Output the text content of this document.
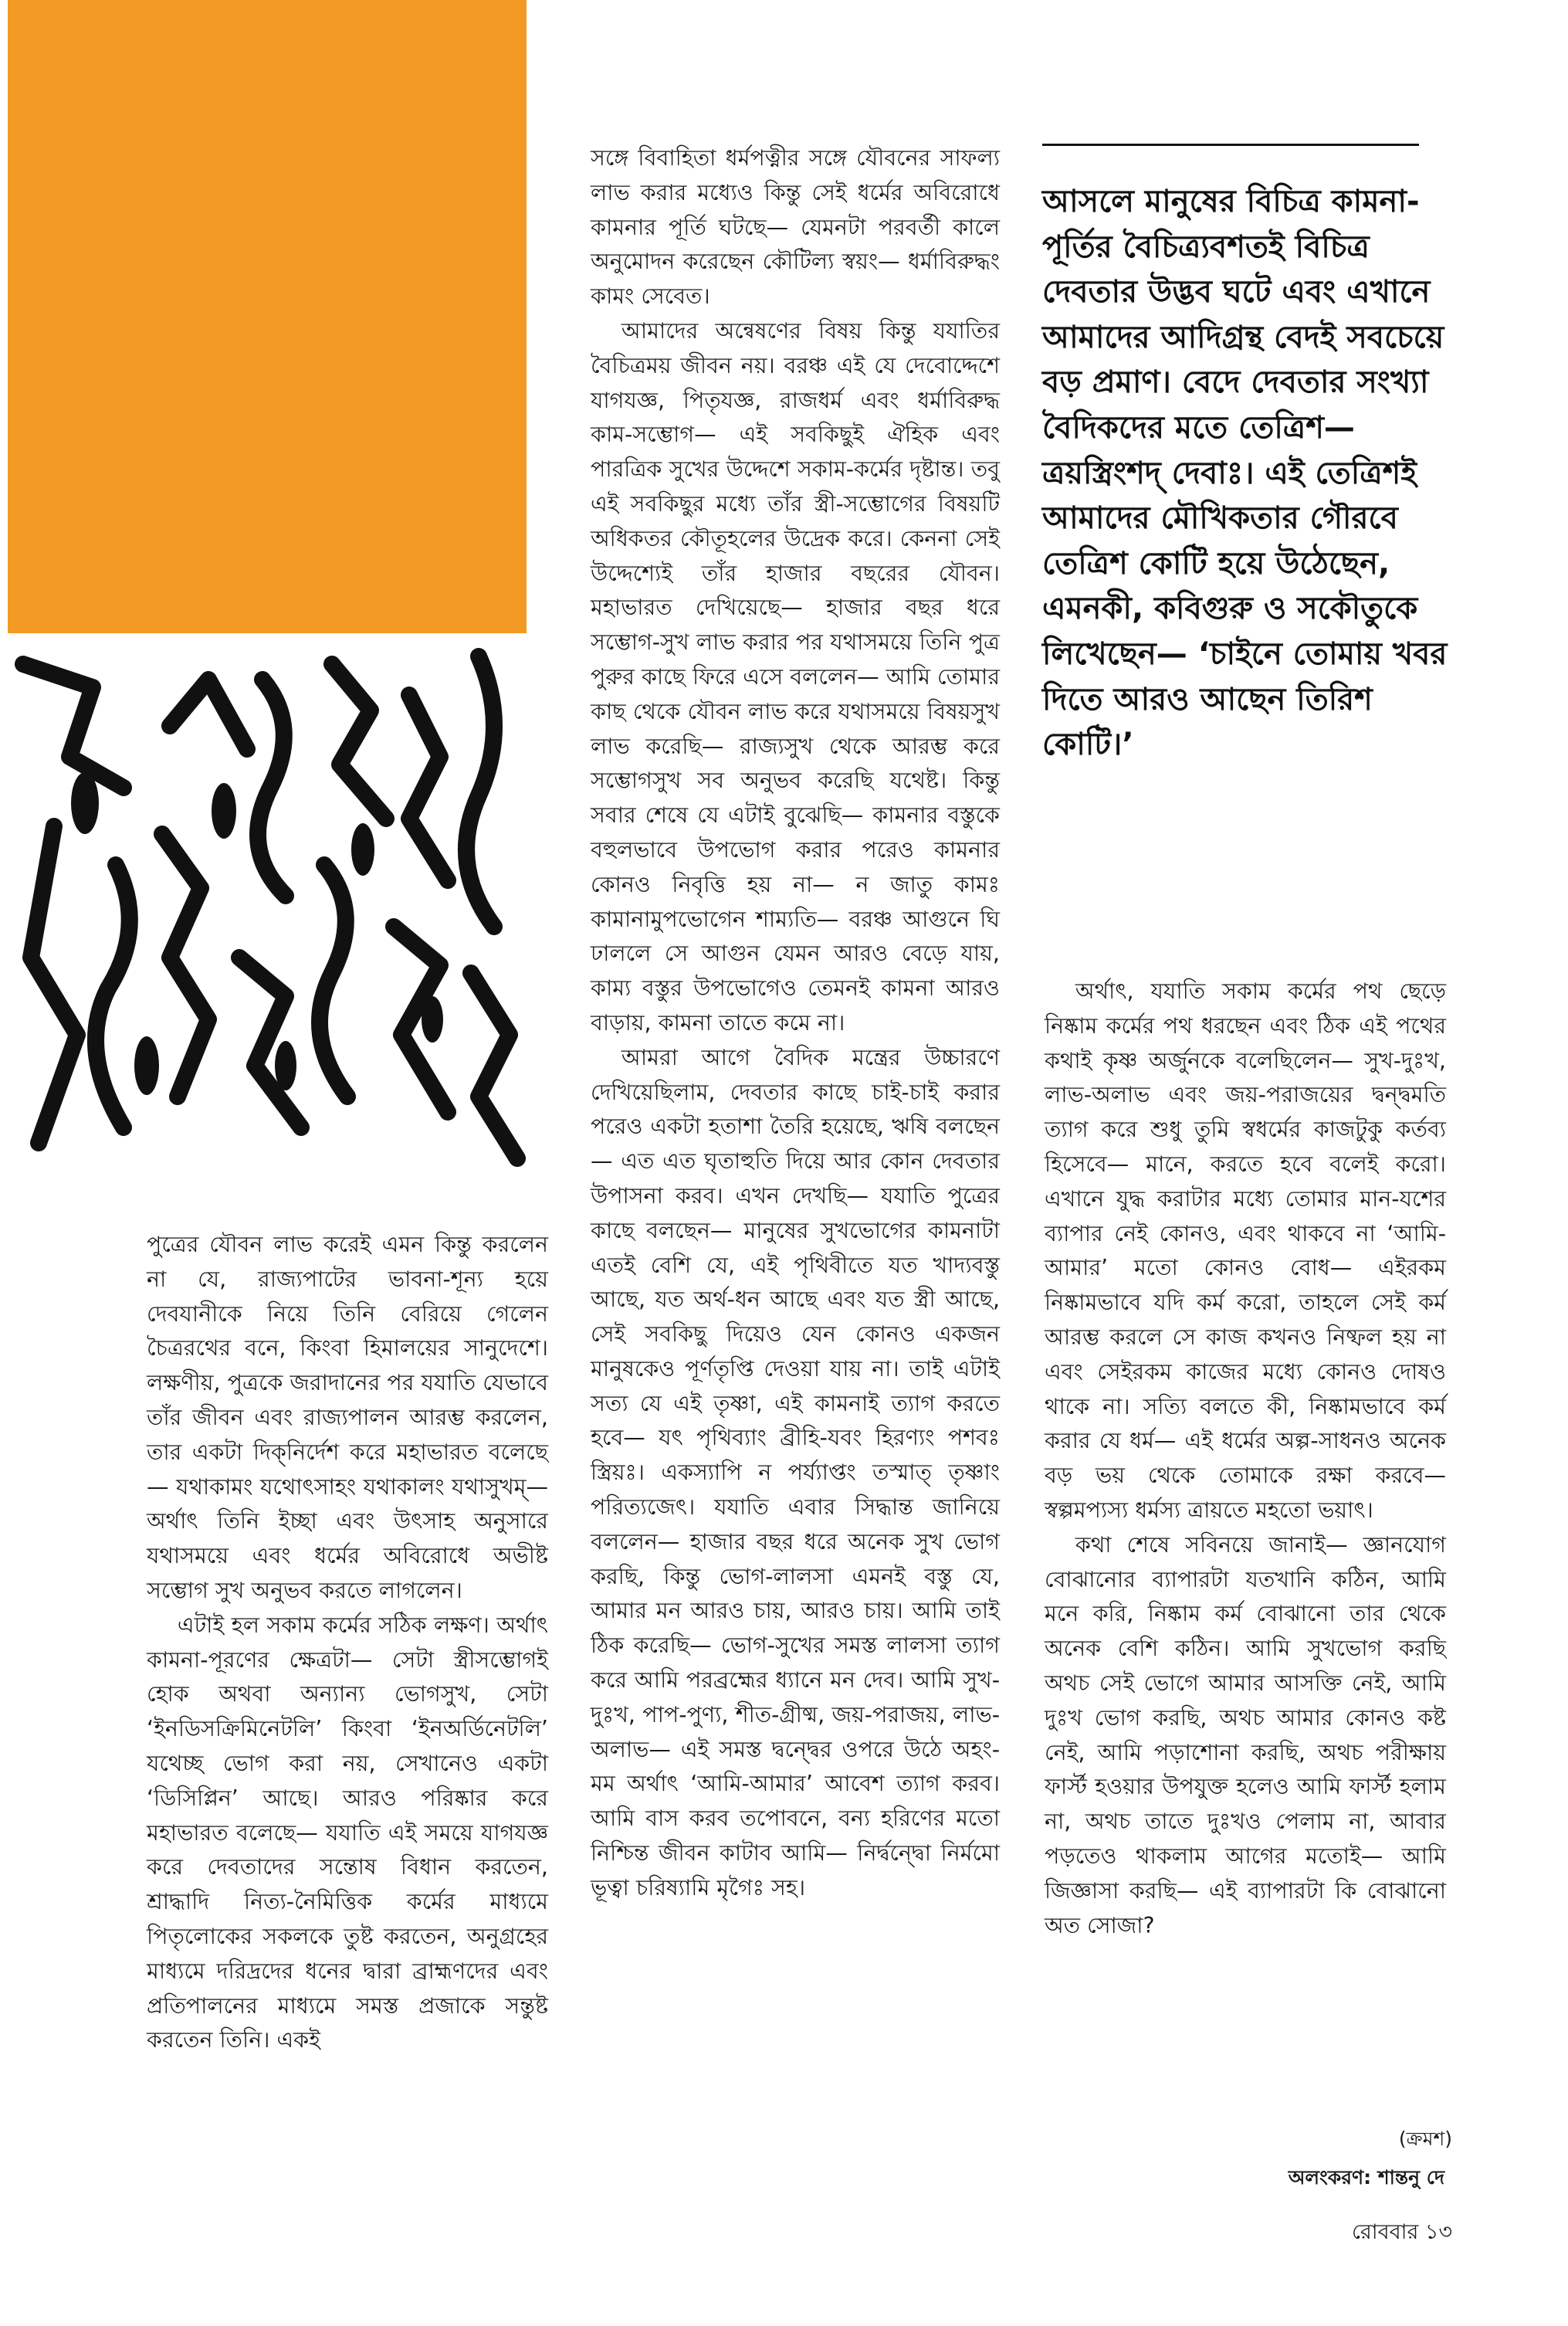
পুত্রের যৌবন লাভ করেই এমন কিন্তু করলেন না যে, রাজ্যপাটের ভাবনা-শূন্য হয়ে দেবযানীকে নিয়ে তিনি বেরিয়ে গেলেন চৈত্ররথের বনে, কিংবা হিমালয়ের সানুদেশে। লক্ষণীয়, পুত্রকে জরাদানের পর যযাতি যেভাবে তাঁর জীবন এবং রাজ্যপালন আরম্ভ করলেন, তার একটা দিক্‌নির্দেশ করে মহাভারত বলেছে— যথাকামং যথোৎসাহং যথাকালং যথাসুখম্‌— অর্থাৎ তিনি ইচ্ছা এবং উৎসাহ অনুসারে যথাসময়ে এবং ধর্মের অবিরোধে অভীষ্ট সম্ভোগ সুখ অনুভব করতে লাগলেন।

এটাই হল সকাম কর্মের সঠিক লক্ষণ। অর্থাৎ কামনা-পূরণের ক্ষেত্রটা— সেটা স্ত্রীসম্ভোগই হোক অথবা অন্যান্য ভোগসুখ, সেটা ‘ইনডিসক্রিমিনেটলি’ কিংবা ‘ইনঅর্ডিনেটলি’ যথেচ্ছ ভোগ করা নয়, সেখানেও একটা ‘ডিসিপ্লিন’ আছে। আরও পরিষ্কার করে মহাভারত বলেছে— যযাতি এই সময়ে যাগযজ্ঞ করে দেবতাদের সন্তোষ বিধান করতেন, শ্রাদ্ধাদি নিত্য-নৈমিত্তিক কর্মের মাধ্যমে পিতৃলোকের সকলকে তুষ্ট করতেন, অনুগ্রহের মাধ্যমে দরিদ্রদের ধনের দ্বারা ব্রাহ্মণদের এবং প্রতিপালনের মাধ্যমে সমস্ত প্রজাকে সন্তুষ্ট করতেন তিনি। একই

সঙ্গে বিবাহিতা ধর্মপত্নীর সঙ্গে যৌবনের সাফল্য লাভ করার মধ্যেও কিন্তু সেই ধর্মের অবিরোধে কামনার পূর্তি ঘটছে— যেমনটা পরবর্তী কালে অনুমোদন করেছেন কৌটিল্য স্বয়ং— ধর্মাবিরুদ্ধং কামং সেবেত।

আমাদের অন্বেষণের বিষয় কিন্তু যযাতির বৈচিত্রময় জীবন নয়। বরঞ্চ এই যে দেবোদ্দেশে যাগযজ্ঞ, পিতৃযজ্ঞ, রাজধর্ম এবং ধর্মাবিরুদ্ধ কাম-সম্ভোগ— এই সবকিছুই ঐহিক এবং পারত্রিক সুখের উদ্দেশে সকাম-কর্মের দৃষ্টান্ত। তবু এই সবকিছুর মধ্যে তাঁর স্ত্রী-সম্ভোগের বিষয়টি অধিকতর কৌতূহলের উদ্রেক করে। কেননা সেই উদ্দেশ্যেই তাঁর হাজার বছরের যৌবন। মহাভারত দেখিয়েছে— হাজার বছর ধরে সম্ভোগ-সুখ লাভ করার পর যথাসময়ে তিনি পুত্র পুরুর কাছে ফিরে এসে বললেন— আমি তোমার কাছ থেকে যৌবন লাভ করে যথাসময়ে বিষয়সুখ লাভ করেছি— রাজ্যসুখ থেকে আরম্ভ করে সম্ভোগসুখ সব অনুভব করেছি যথেষ্ট। কিন্তু সবার শেষে যে এটাই বুঝেছি— কামনার বস্তুকে বহুলভাবে উপভোগ করার পরেও কামনার কোনও নিবৃত্তি হয় না— ন জাতু কামঃ কামানামুপভোগেন শাম্যতি— বরঞ্চ আগুনে ঘি ঢাললে সে আগুন যেমন আরও বেড়ে যায়, কাম্য বস্তুর উপভোগেও তেমনই কামনা আরও বাড়ায়, কামনা তাতে কমে না।

আমরা আগে বৈদিক মন্ত্রের উচ্চারণে দেখিয়েছিলাম, দেবতার কাছে চাই-চাই করার পরেও একটা হতাশা তৈরি হয়েছে, ঋষি বলছেন— এত এত ঘৃতাহুতি দিয়ে আর কোন দেবতার উপাসনা করব। এখন দেখছি— যযাতি পুত্রের কাছে বলছেন— মানুষের সুখভোগের কামনাটা এতই বেশি যে, এই পৃথিবীতে যত খাদ্যবস্তু আছে, যত অর্থ-ধন আছে এবং যত স্ত্রী আছে, সেই সবকিছু দিয়েও যেন কোনও একজন মানুষকেও পূর্ণতৃপ্তি দেওয়া যায় না। তাই এটাই সত্য যে এই তৃষ্ণা, এই কামনাই ত্যাগ করতে হবে— যৎ পৃথিব্যাং ব্রীহি-যবং হিরণ্যং পশবঃ স্ত্রিয়ঃ। একস্যাপি ন পর্য্যাপ্তং তস্মাত্‌ তৃষ্ণাং পরিত্যজেৎ। যযাতি এবার সিদ্ধান্ত জানিয়ে বললেন— হাজার বছর ধরে অনেক সুখ ভোগ করছি, কিন্তু ভোগ-লালসা এমনই বস্তু যে, আমার মন আরও চায়, আরও চায়। আমি তাই ঠিক করেছি— ভোগ-সুখের সমস্ত লালসা ত্যাগ করে আমি পরব্রহ্মের ধ্যানে মন দেব। আমি সুখ-দুঃখ, পাপ-পুণ্য, শীত-গ্রীষ্ম, জয়-পরাজয়, লাভ-অলাভ— এই সমস্ত দ্বন্দ্বের ওপরে উঠে অহং-মম অর্থাৎ ‘আমি-আমার’ আবেশ ত্যাগ করব। আমি বাস করব তপোবনে, বন্য হরিণের মতো নিশ্চিন্ত জীবন কাটাব আমি— নির্দ্বন্দ্বো নির্মমো ভূত্বা চরিষ্যামি মৃগৈঃ সহ।

আসলে মানুষের বিচিত্র কামনা-পূর্তির বৈচিত্র্যবশতই বিচিত্র দেবতার উদ্ভব ঘটে এবং এখানে আমাদের আদিগ্রন্থ বেদই সবচেয়ে বড় প্রমাণ। বেদে দেবতার সংখ্যা বৈদিকদের মতে তেত্রিশ— ত্রয়স্ত্রিংশদ্‌ দেবাঃ। এই তেত্রিশই আমাদের মৌখিকতার গৌরবে তেত্রিশ কোটি হয়ে উঠেছেন, এমনকী, কবিগুরু ও সকৌতুকে লিখেছেন— ‘চাইনে তোমায় খবর দিতে আরও আছেন তিরিশ কোটি।’

অর্থাৎ, যযাতি সকাম কর্মের পথ ছেড়ে নিষ্কাম কর্মের পথ ধরছেন এবং ঠিক এই পথের কথাই কৃষ্ণ অর্জুনকে বলেছিলেন— সুখ-দুঃখ, লাভ-অলাভ এবং জয়-পরাজয়ের দ্বন্দ্বমতি ত্যাগ করে শুধু তুমি স্বধর্মের কাজটুকু কর্তব্য হিসেবে— মানে, করতে হবে বলেই করো। এখানে যুদ্ধ করাটার মধ্যে তোমার মান-যশের ব্যাপার নেই কোনও, এবং থাকবে না ‘আমি-আমার’ মতো কোনও বোধ— এইরকম নিষ্কামভাবে যদি কর্ম করো, তাহলে সেই কর্ম আরম্ভ করলে সে কাজ কখনও নিষ্ফল হয় না এবং সেইরকম কাজের মধ্যে কোনও দোষও থাকে না। সত্যি বলতে কী, নিষ্কামভাবে কর্ম করার যে ধর্ম— এই ধর্মের অল্প-সাধনও অনেক বড় ভয় থেকে তোমাকে রক্ষা করবে— স্বল্পমপ্যস্য ধর্মস্য ত্রায়তে মহতো ভয়াৎ।

কথা শেষে সবিনয়ে জানাই— জ্ঞানযোগ বোঝানোর ব্যাপারটা যতখানি কঠিন, আমি মনে করি, নিষ্কাম কর্ম বোঝানো তার থেকে অনেক বেশি কঠিন। আমি সুখভোগ করছি অথচ সেই ভোগে আমার আসক্তি নেই, আমি দুঃখ ভোগ করছি, অথচ আমার কোনও কষ্ট নেই, আমি পড়াশোনা করছি, অথচ পরীক্ষায় ফার্স্ট হওয়ার উপযুক্ত হলেও আমি ফার্স্ট হলাম না, অথচ তাতে দুঃখও পেলাম না, আবার পড়তেও থাকলাম আগের মতোই— আমি জিজ্ঞাসা করছি— এই ব্যাপারটা কি বোঝানো অত সোজা?

(ক্রমশ)
অলংকরণ: শান্তনু দে
রোববার ১৩
